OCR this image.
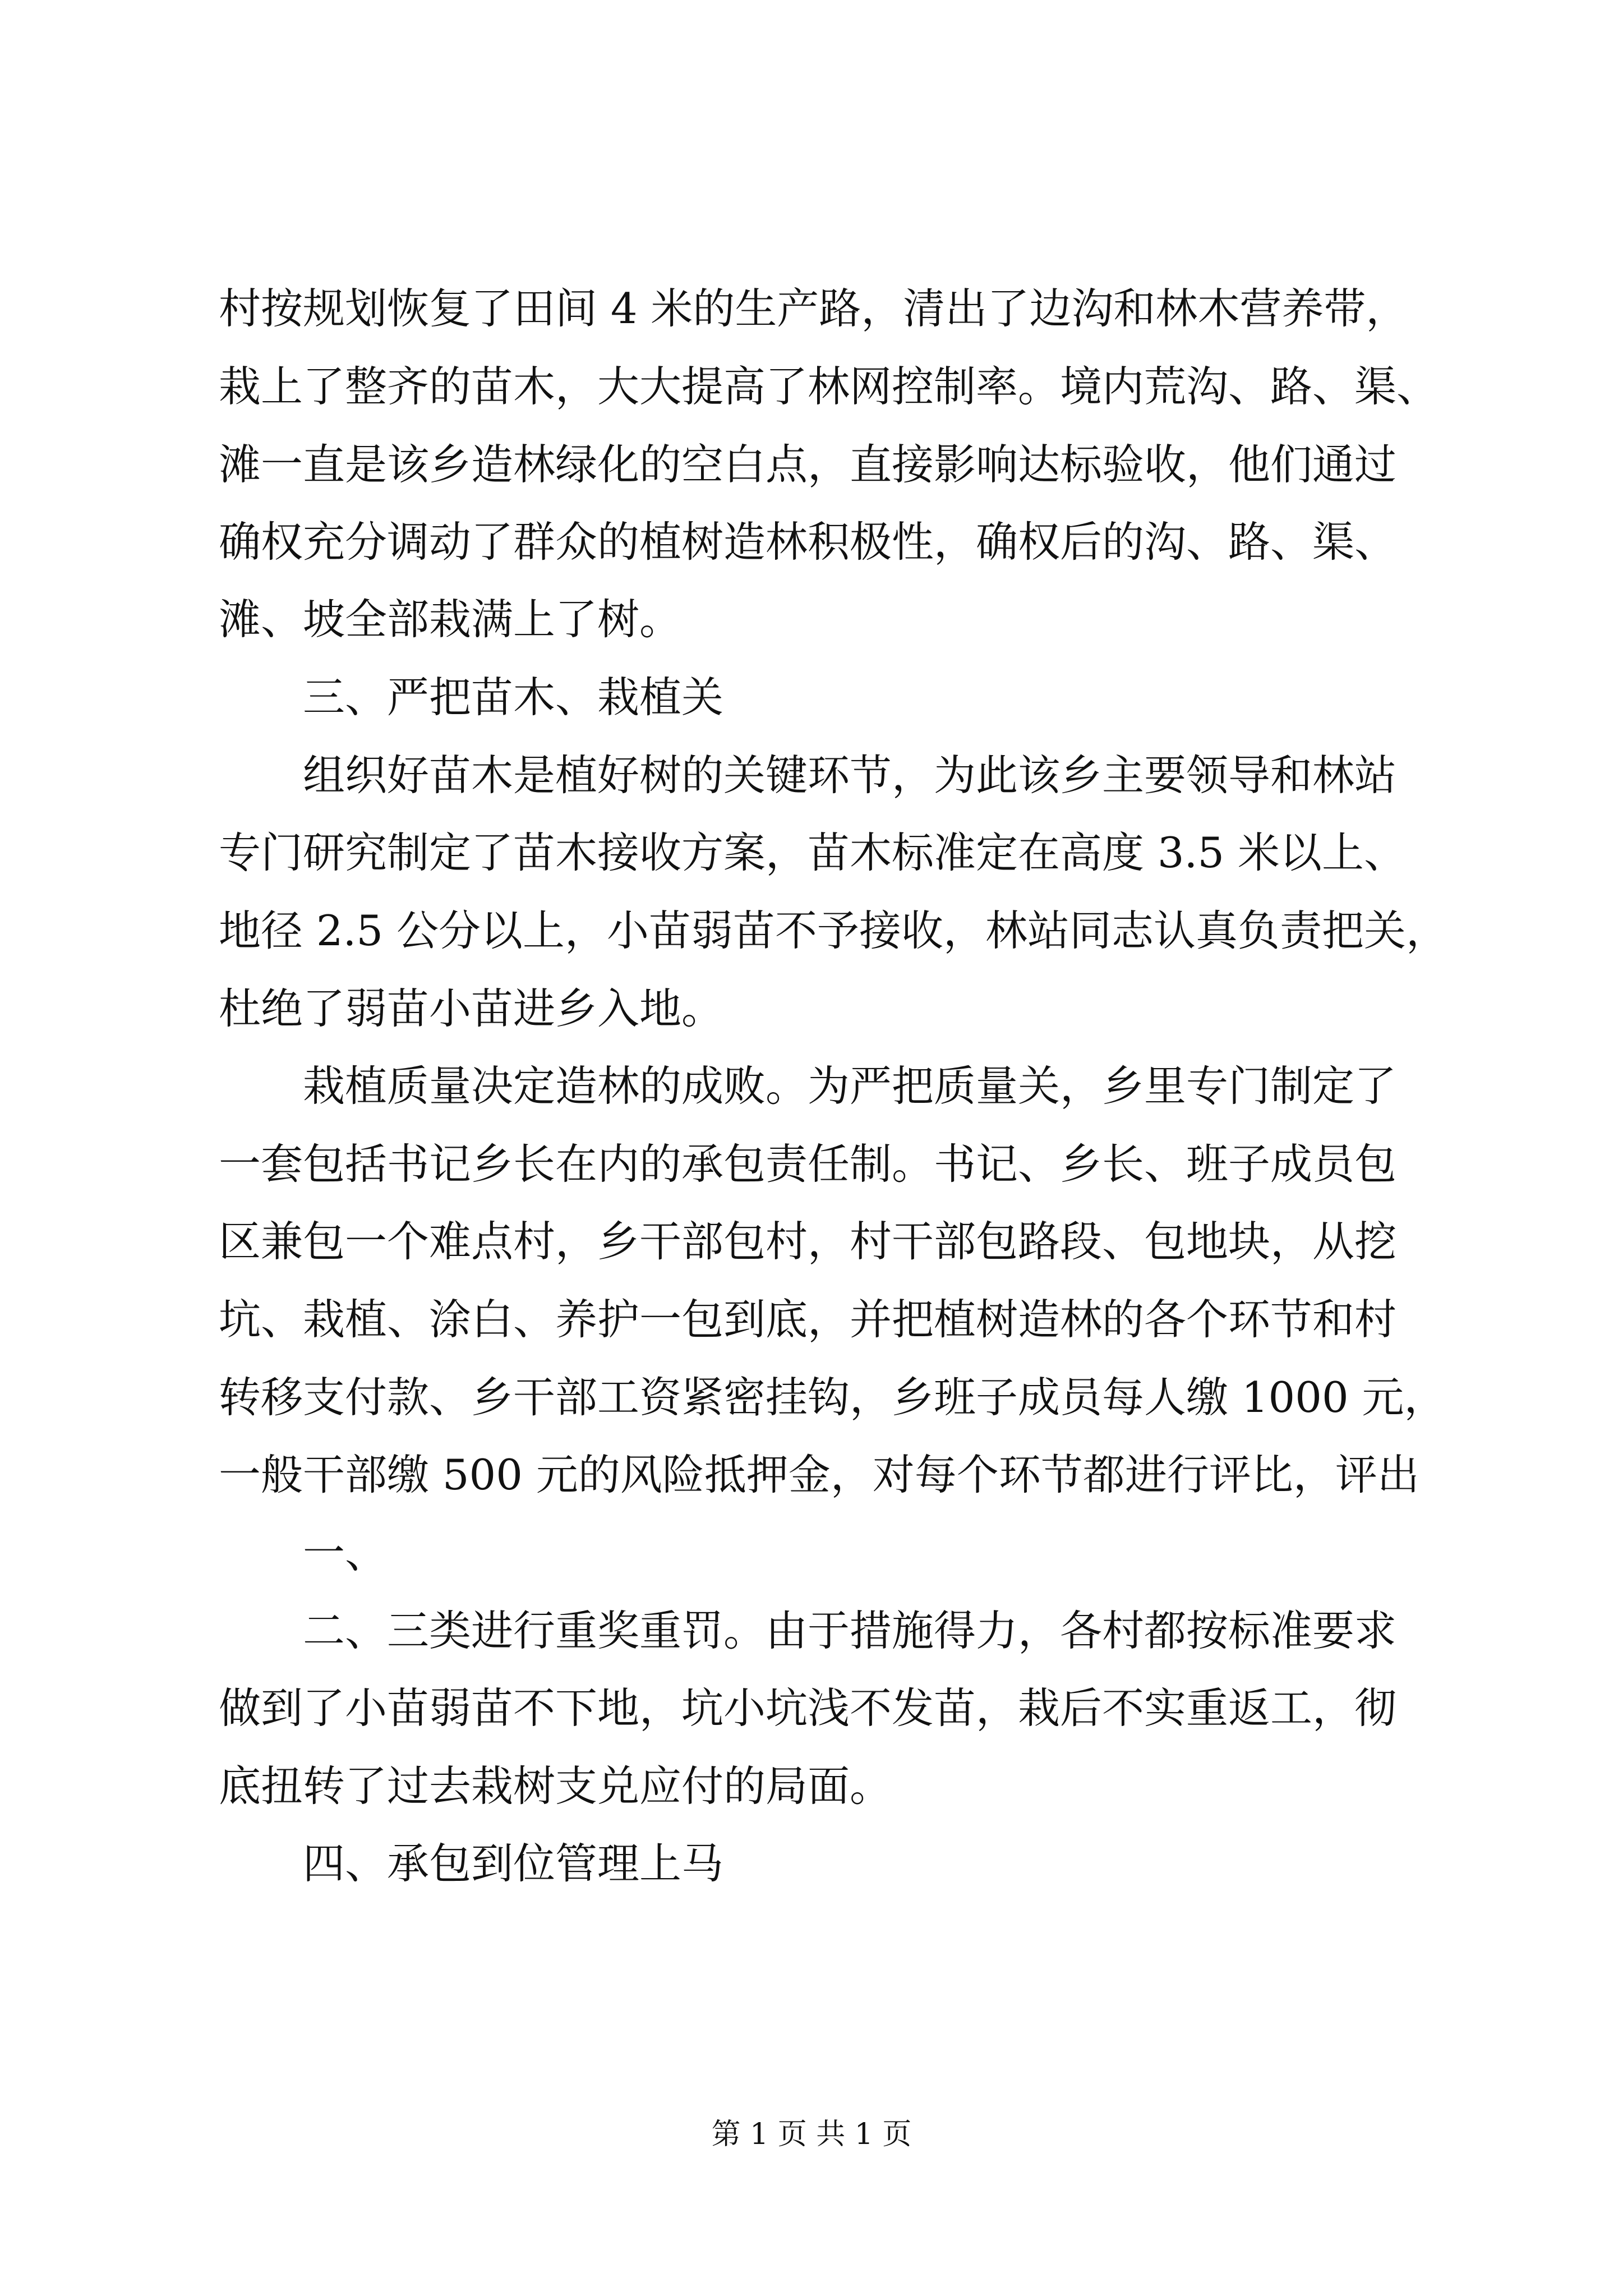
村按规划恢复了田间 4 米的生产路，清出了边沟和林木营养带，
栽上了整齐的苗木，大大提高了林网控制率。境内荒沟、路、渠、
滩一直是该乡造林绿化的空白点，直接影响达标验收，他们通过
确权充分调动了群众的植树造林积极性，确权后的沟、路、渠、
滩、坡全部栽满上了树。
三、严把苗木、栽植关
组织好苗木是植好树的关键环节，为此该乡主要领导和林站
专门研究制定了苗木接收方案，苗木标准定在高度 3.5 米以上、
地径 2.5 公分以上，小苗弱苗不予接收，林站同志认真负责把关，
杜绝了弱苗小苗进乡入地。
栽植质量决定造林的成败。为严把质量关，乡里专门制定了
一套包括书记乡长在内的承包责任制。书记、乡长、班子成员包
区兼包一个难点村，乡干部包村，村干部包路段、包地块，从挖
坑、栽植、涂白、养护一包到底，并把植树造林的各个环节和村
转移支付款、乡干部工资紧密挂钩，乡班子成员每人缴 1000 元，
一般干部缴 500 元的风险抵押金，对每个环节都进行评比，评出
一、
二、三类进行重奖重罚。由于措施得力，各村都按标准要求
做到了小苗弱苗不下地，坑小坑浅不发苗，栽后不实重返工，彻
底扭转了过去栽树支兑应付的局面。
四、承包到位管理上马
第 1 页 共 1 页
